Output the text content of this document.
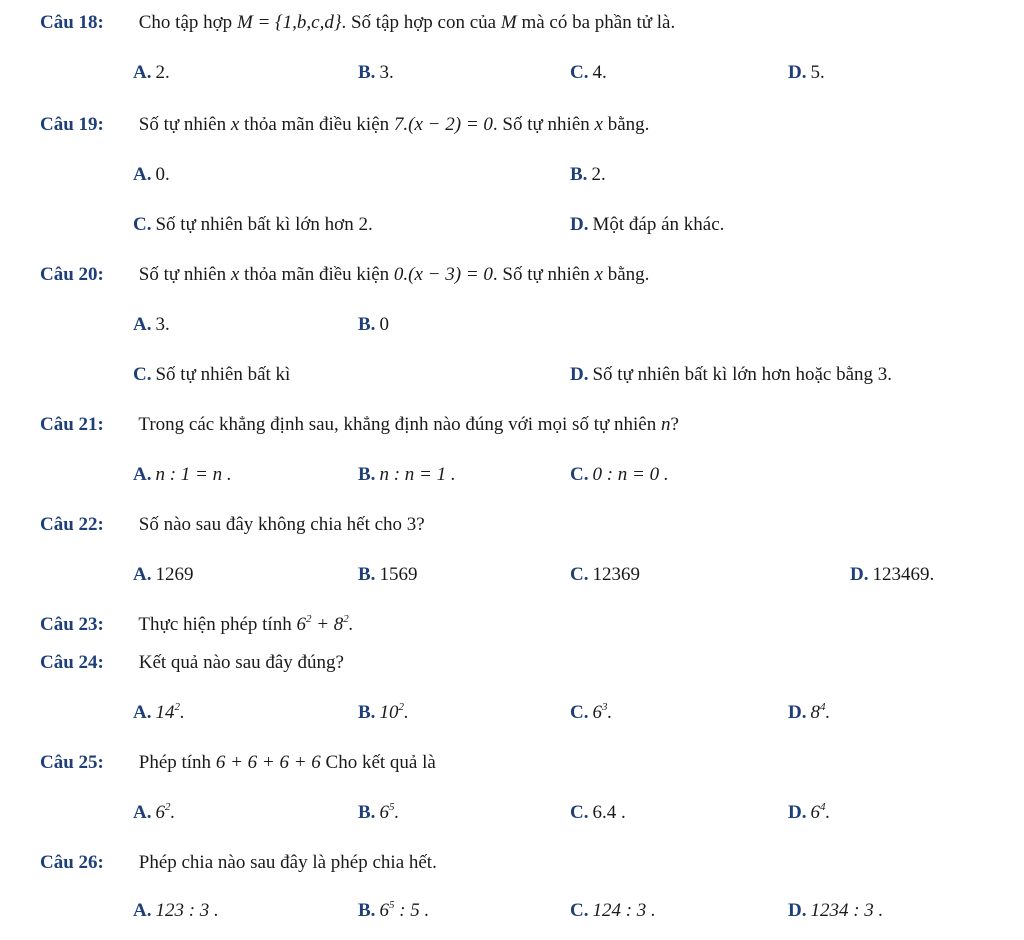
Câu 18: Cho tập hợp M = {1,b,c,d}. Số tập hợp con của M mà có ba phần tử là.
A. 2.	B. 3.	C. 4.	D. 5.
Câu 19: Số tự nhiên x thỏa mãn điều kiện 7.(x − 2) = 0. Số tự nhiên x bằng.
A. 0.	B. 2.
C. Số tự nhiên bất kì lớn hơn 2.	D. Một đáp án khác.
Câu 20: Số tự nhiên x thỏa mãn điều kiện 0.(x − 3) = 0. Số tự nhiên x bằng.
A. 3.	B. 0
C. Số tự nhiên bất kì	D. Số tự nhiên bất kì lớn hơn hoặc bằng 3.
Câu 21: Trong các khẳng định sau, khẳng định nào đúng với mọi số tự nhiên n?
A. n : 1 = n .	B. n : n = 1 .	C. 0 : n = 0 .
Câu 22: Số nào sau đây không chia hết cho 3?
A. 1269	B. 1569	C. 12369	D. 123469.
Câu 23: Thực hiện phép tính $6^2 + 8^2$.
Câu 24: Kết quả nào sau đây đúng?
A. $14^2$.	B. $10^2$.	C. $6^3$.	D. $8^4$.
Câu 25: Phép tính 6 + 6 + 6 + 6 Cho kết quả là
A. $6^2$.	B. $6^5$.	C. 6.4 .	D. $6^4$.
Câu 26: Phép chia nào sau đây là phép chia hết.
A. 123 : 3 .	B. $6^5$ : 5 .	C. 124 : 3 .	D. 1234 : 3 .
